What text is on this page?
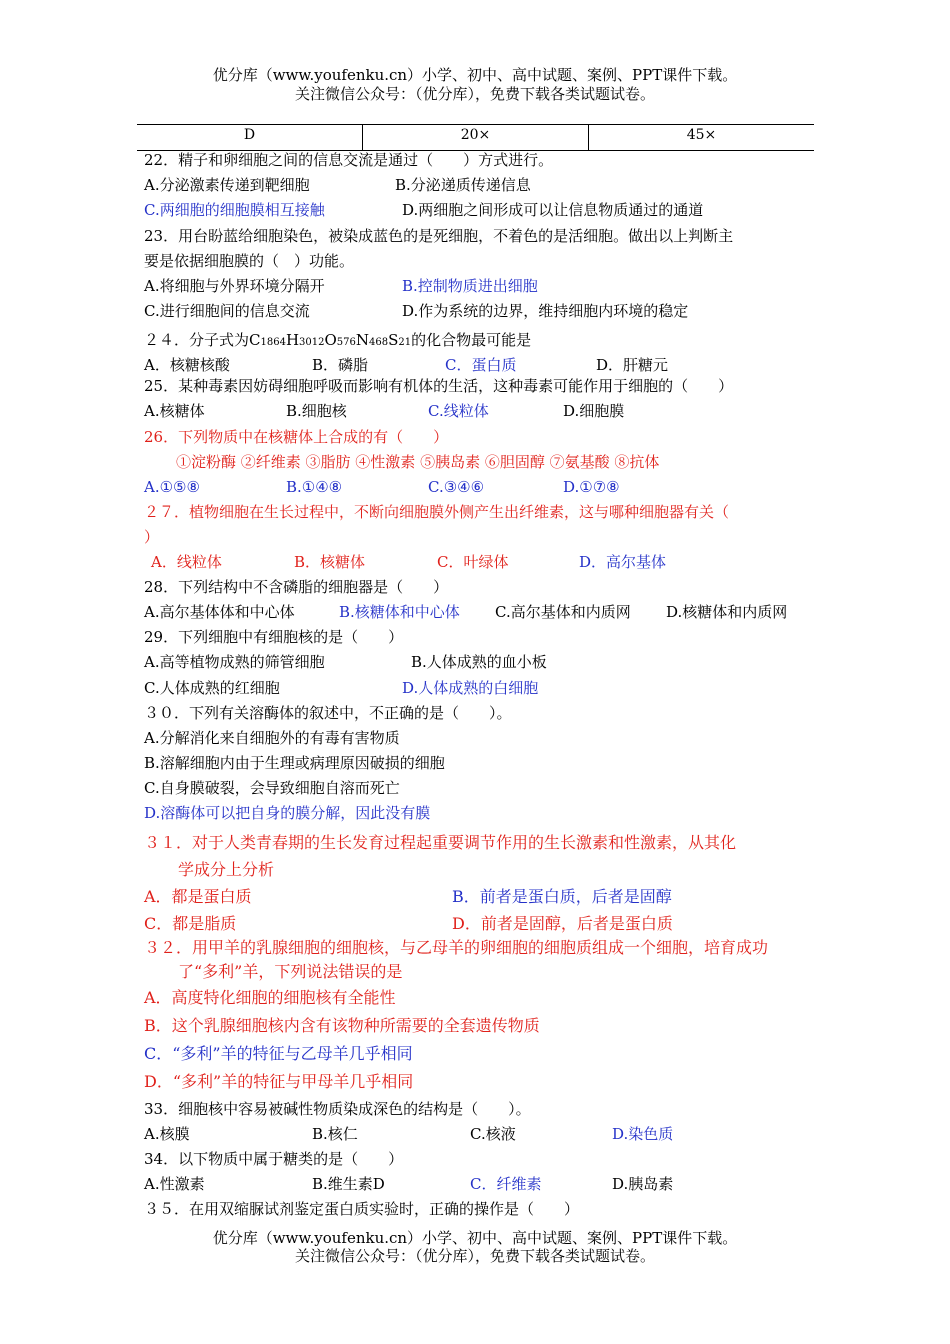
优分库（www.youfenku.cn）小学、初中、高中试题、案例、PPT课件下载。
关注微信公众号：（优分库），免费下载各类试题试卷。
D	20×	45×
22．精子和卵细胞之间的信息交流是通过（　　）方式进行。
A.分泌激素传递到靶细胞	B.分泌递质传递信息
C.两细胞的细胞膜相互接触	D.两细胞之间形成可以让信息物质通过的通道
23．用台盼蓝给细胞染色，被染成蓝色的是死细胞，不着色的是活细胞。做出以上判断主
要是依据细胞膜的（　）功能。
A.将细胞与外界环境分隔开	B.控制物质进出细胞
C.进行细胞间的信息交流	D.作为系统的边界，维持细胞内环境的稳定
２４．分子式为C1864H3012O576N468S21的化合物最可能是
A．核糖核酸	B．磷脂	C．蛋白质	D．肝糖元
25．某种毒素因妨碍细胞呼吸而影响有机体的生活，这种毒素可能作用于细胞的（　　）
A.核糖体	B.细胞核	C.线粒体	D.细胞膜
26．下列物质中在核糖体上合成的有（　　）
①淀粉酶 ②纤维素 ③脂肪 ④性激素 ⑤胰岛素 ⑥胆固醇 ⑦氨基酸 ⑧抗体
A.①⑤⑧	B.①④⑧	C.③④⑥	D.①⑦⑧
２７．植物细胞在生长过程中，不断向细胞膜外侧产生出纤维素，这与哪种细胞器有关（
）
A．线粒体	B．核糖体	C．叶绿体	D．高尔基体
28．下列结构中不含磷脂的细胞器是（　　）
A.高尔基体体和中心体	B.核糖体和中心体 C.高尔基体和内质网 D.核糖体和内质网
29．下列细胞中有细胞核的是（　　）
A.高等植物成熟的筛管细胞	B.人体成熟的血小板
C.人体成熟的红细胞	D.人体成熟的白细胞
３０．下列有关溶酶体的叙述中，不正确的是（　　）。
A.分解消化来自细胞外的有毒有害物质
B.溶解细胞内由于生理或病理原因破损的细胞
C.自身膜破裂，会导致细胞自溶而死亡
D.溶酶体可以把自身的膜分解，因此没有膜
３１．对于人类青春期的生长发育过程起重要调节作用的生长激素和性激素，从其化
学成分上分析
A．都是蛋白质	B．前者是蛋白质，后者是固醇
C．都是脂质	D．前者是固醇，后者是蛋白质
３２．用甲羊的乳腺细胞的细胞核，与乙母羊的卵细胞的细胞质组成一个细胞，培育成功
了“多利”羊，下列说法错误的是
A．高度特化细胞的细胞核有全能性
B．这个乳腺细胞核内含有该物种所需要的全套遗传物质
C．“多利”羊的特征与乙母羊几乎相同
D．“多利”羊的特征与甲母羊几乎相同
33．细胞核中容易被碱性物质染成深色的结构是（　　）。
A.核膜	B.核仁	C.核液	D.染色质
34．以下物质中属于糖类的是（　　）
A.性激素	B.维生素D	C．纤维素	D.胰岛素
３５．在用双缩脲试剂鉴定蛋白质实验时，正确的操作是（　　）
优分库（www.youfenku.cn）小学、初中、高中试题、案例、PPT课件下载。
关注微信公众号：（优分库），免费下载各类试题试卷。
